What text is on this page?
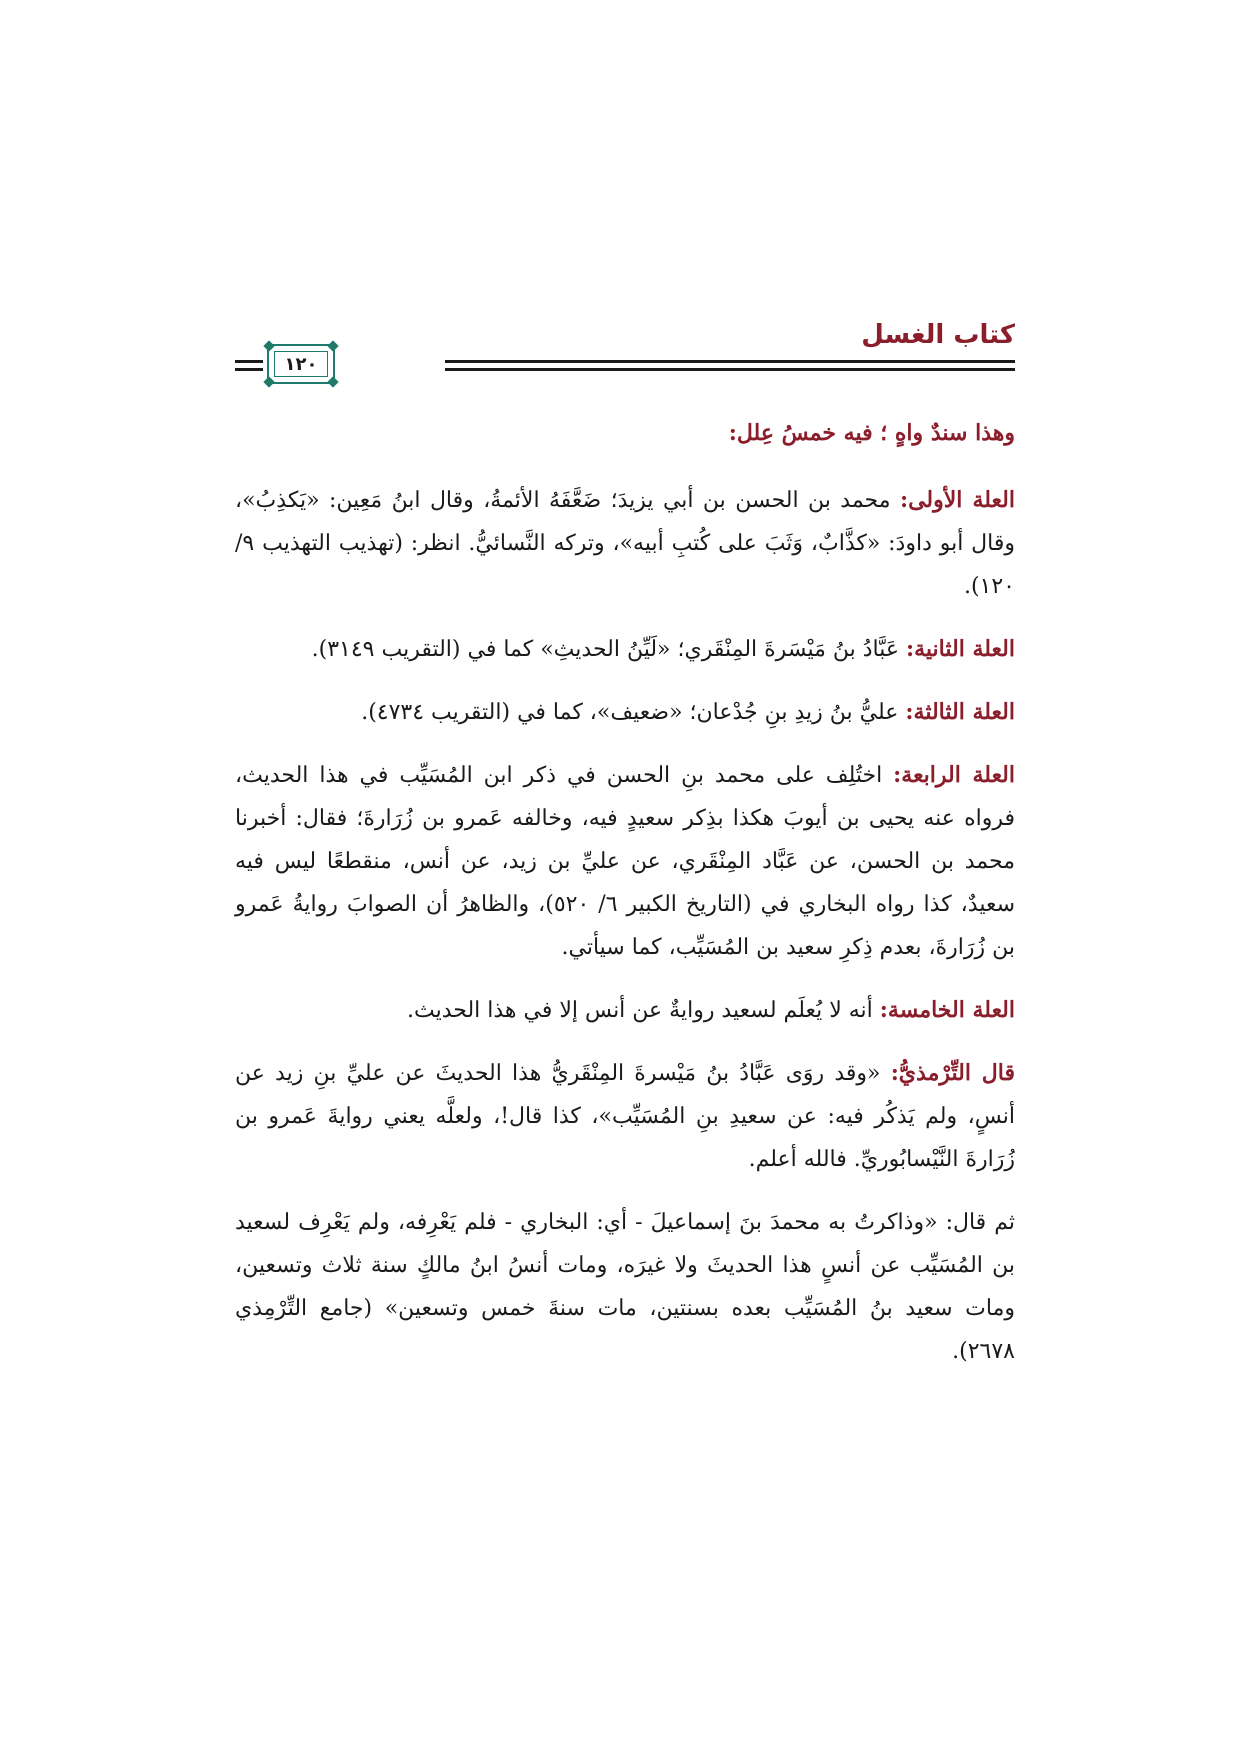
كتاب الغسل
١٢٠

وهذا سندٌ واهٍ ؛ فيه خمسُ عِلل:

العلة الأولى: محمد بن الحسن بن أبي يزيدَ؛ ضَعَّفَهُ الأئمةُ، وقال ابنُ مَعِين: «يَكذِبُ»، وقال أبو داودَ: «كذَّابٌ، وَثَبَ على كُتبِ أبيه»، وتركه النَّسائيُّ. انظر: (تهذيب التهذيب ٩/ ١٢٠).

العلة الثانية: عَبَّادُ بنُ مَيْسَرةَ المِنْقَري؛ «لَيِّنُ الحديثِ» كما في (التقريب ٣١٤٩).

العلة الثالثة: عليُّ بنُ زيدِ بنِ جُدْعان؛ «ضعيف»، كما في (التقريب ٤٧٣٤).

العلة الرابعة: اختُلِف على محمد بنِ الحسن في ذكر ابن المُسَيِّب في هذا الحديث، فرواه عنه يحيى بن أيوبَ هكذا بذِكر سعيدٍ فيه، وخالفه عَمرو بن زُرَارةَ؛ فقال: أخبرنا محمد بن الحسن، عن عَبَّاد المِنْقَري، عن عليِّ بن زيد، عن أنس، منقطعًا ليس فيه سعيدٌ، كذا رواه البخاري في (التاريخ الكبير ٦/ ٥٢٠)، والظاهرُ أن الصوابَ روايةُ عَمرو بن زُرَارةَ، بعدم ذِكرِ سعيد بن المُسَيِّب، كما سيأتي.

العلة الخامسة: أنه لا يُعلَم لسعيد روايةٌ عن أنس إلا في هذا الحديث.

قال التِّرْمذيُّ: «وقد روَى عَبَّادُ بنُ مَيْسرةَ المِنْقَريُّ هذا الحديثَ عن عليِّ بنِ زيد عن أنسٍ، ولم يَذكُر فيه: عن سعيدِ بنِ المُسَيِّب»، كذا قال!، ولعلَّه يعني روايةَ عَمرو بن زُرَارةَ النَّيْسابُوريِّ. فالله أعلم.

ثم قال: «وذاكرتُ به محمدَ بنَ إسماعيلَ - أي: البخاري - فلم يَعْرِفه، ولم يَعْرِف لسعيد بن المُسَيِّب عن أنسٍ هذا الحديثَ ولا غيرَه، ومات أنسُ ابنُ مالكٍ سنة ثلاث وتسعين، ومات سعيد بنُ المُسَيِّب بعده بسنتين، مات سنةَ خمس وتسعين» (جامع التِّرْمِذي ٢٦٧٨).
